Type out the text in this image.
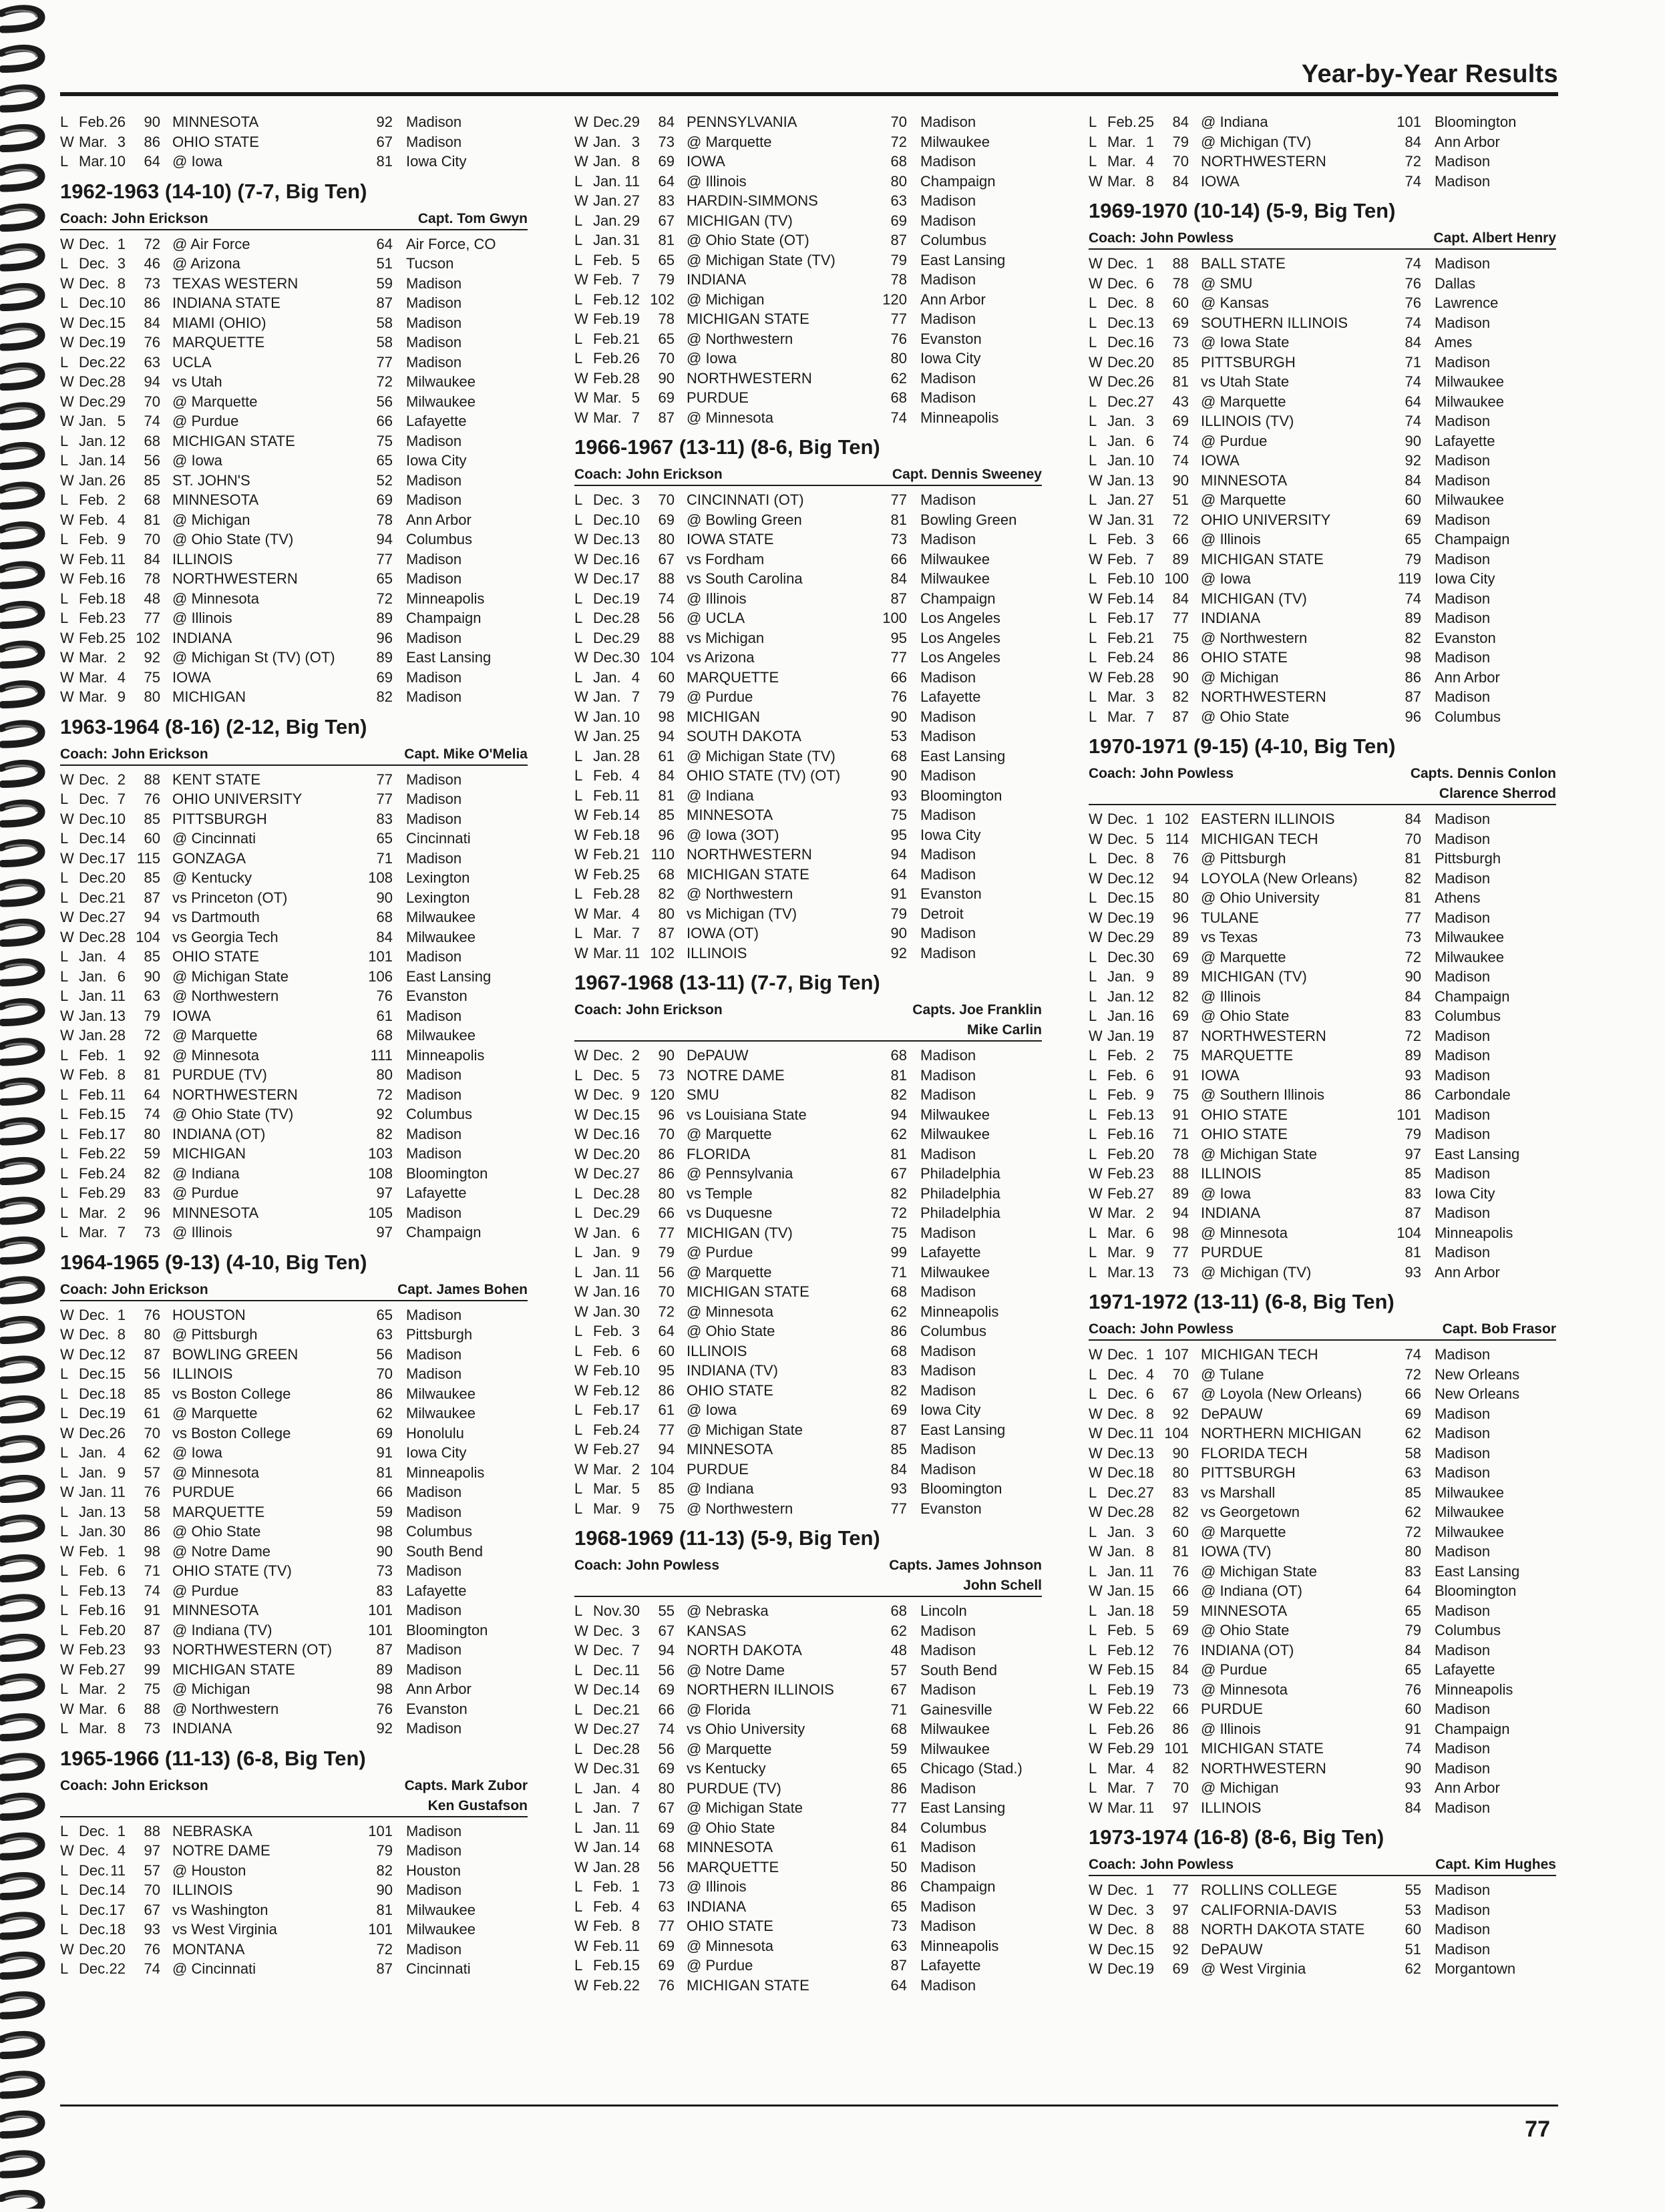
Year-by-Year Results
L Feb. 26	90 MINNESOTA	92 Madison
W Mar. 3	86 OHIO STATE	67 Madison
L Mar. 10	64 @ Iowa	81 Iowa City
1962-1963 (14-10) (7-7, Big Ten)
Coach: John Erickson	Capt. Tom Gwyn
W Dec. 1	72 @ Air Force	64 Air Force, CO
L Dec. 3	46 @ Arizona	51 Tucson
W Dec. 8	73 TEXAS WESTERN	59 Madison
L Dec. 10	86 INDIANA STATE	87 Madison
W Dec. 15	84 MIAMI (OHIO)	58 Madison
W Dec. 19	76 MARQUETTE	58 Madison
L Dec. 22	63 UCLA	77 Madison
W Dec. 28	94 vs Utah	72 Milwaukee
W Dec. 29	70 @ Marquette	56 Milwaukee
W Jan. 5	74 @ Purdue	66 Lafayette
L Jan. 12	68 MICHIGAN STATE	75 Madison
L Jan. 14	56 @ Iowa	65 Iowa City
W Jan. 26	85 ST. JOHN'S	52 Madison
L Feb. 2	68 MINNESOTA	69 Madison
W Feb. 4	81 @ Michigan	78 Ann Arbor
L Feb. 9	70 @ Ohio State (TV)	94 Columbus
W Feb. 11	84 ILLINOIS	77 Madison
W Feb. 16	78 NORTHWESTERN	65 Madison
L Feb. 18	48 @ Minnesota	72 Minneapolis
L Feb. 23	77 @ Illinois	89 Champaign
W Feb. 25 102 INDIANA	96 Madison
W Mar. 2	92 @ Michigan St (TV) (OT)	89 East Lansing
W Mar. 4	75 IOWA	69 Madison
W Mar. 9	80 MICHIGAN	82 Madison
1963-1964 (8-16) (2-12, Big Ten)
Coach: John Erickson	Capt. Mike O'Melia
W Dec. 2	88 KENT STATE	77 Madison
L Dec. 7	76 OHIO UNIVERSITY	77 Madison
W Dec. 10	85 PITTSBURGH	83 Madison
L Dec. 14	60 @ Cincinnati	65 Cincinnati
W Dec. 17 115 GONZAGA	71 Madison
L Dec. 20	85 @ Kentucky	108 Lexington
L Dec. 21	87 vs Princeton (OT)	90 Lexington
W Dec. 27	94 vs Dartmouth	68 Milwaukee
W Dec. 28 104 vs Georgia Tech	84 Milwaukee
L Jan. 4	85 OHIO STATE	101 Madison
L Jan. 6	90 @ Michigan State	106 East Lansing
L Jan. 11	63 @ Northwestern	76 Evanston
W Jan. 13	79 IOWA	61 Madison
W Jan. 28	72 @ Marquette	68 Milwaukee
L Feb. 1	92 @ Minnesota	111 Minneapolis
W Feb. 8	81 PURDUE (TV)	80 Madison
L Feb. 11	64 NORTHWESTERN	72 Madison
L Feb. 15	74 @ Ohio State (TV)	92 Columbus
L Feb. 17	80 INDIANA (OT)	82 Madison
L Feb. 22	59 MICHIGAN	103 Madison
L Feb. 24	82 @ Indiana	108 Bloomington
L Feb. 29	83 @ Purdue	97 Lafayette
L Mar. 2	96 MINNESOTA	105 Madison
L Mar. 7	73 @ Illinois	97 Champaign
1964-1965 (9-13) (4-10, Big Ten)
Coach: John Erickson	Capt. James Bohen
W Dec. 1	76 HOUSTON	65 Madison
W Dec. 8	80 @ Pittsburgh	63 Pittsburgh
W Dec. 12	87 BOWLING GREEN	56 Madison
L Dec. 15	56 ILLINOIS	70 Madison
L Dec. 18	85 vs Boston College	86 Milwaukee
L Dec. 19	61 @ Marquette	62 Milwaukee
W Dec. 26	70 vs Boston College	69 Honolulu
L Jan. 4	62 @ Iowa	91 Iowa City
L Jan. 9	57 @ Minnesota	81 Minneapolis
W Jan. 11	76 PURDUE	66 Madison
L Jan. 13	58 MARQUETTE	59 Madison
L Jan. 30	86 @ Ohio State	98 Columbus
W Feb. 1	98 @ Notre Dame	90 South Bend
L Feb. 6	71 OHIO STATE (TV)	73 Madison
L Feb. 13	74 @ Purdue	83 Lafayette
L Feb. 16	91 MINNESOTA	101 Madison
L Feb. 20	87 @ Indiana (TV)	101 Bloomington
W Feb. 23	93 NORTHWESTERN (OT)	87 Madison
W Feb. 27	99 MICHIGAN STATE	89 Madison
L Mar. 2	75 @ Michigan	98 Ann Arbor
W Mar. 6	88 @ Northwestern	76 Evanston
L Mar. 8	73 INDIANA	92 Madison
1965-1966 (11-13) (6-8, Big Ten)
Coach: John Erickson	Capts. Mark Zubor
Ken Gustafson
L Dec. 1	88 NEBRASKA	101 Madison
W Dec. 4	97 NOTRE DAME	79 Madison
L Dec. 11	57 @ Houston	82 Houston
L Dec. 14	70 ILLINOIS	90 Madison
L Dec. 17	67 vs Washington	81 Milwaukee
L Dec. 18	93 vs West Virginia	101 Milwaukee
W Dec. 20	76 MONTANA	72 Madison
L Dec. 22	74 @ Cincinnati	87 Cincinnati
W Dec. 29	84 PENNSYLVANIA	70 Madison
W Jan. 3	73 @ Marquette	72 Milwaukee
W Jan. 8	69 IOWA	68 Madison
L Jan. 11	64 @ Illinois	80 Champaign
W Jan. 27	83 HARDIN-SIMMONS	63 Madison
L Jan. 29	67 MICHIGAN (TV)	69 Madison
L Jan. 31	81 @ Ohio State (OT)	87 Columbus
L Feb. 5	65 @ Michigan State (TV)	79 East Lansing
W Feb. 7	79 INDIANA	78 Madison
L Feb. 12 102 @ Michigan	120 Ann Arbor
W Feb. 19	78 MICHIGAN STATE	77 Madison
L Feb. 21	65 @ Northwestern	76 Evanston
L Feb. 26	70 @ Iowa	80 Iowa City
W Feb. 28	90 NORTHWESTERN	62 Madison
W Mar. 5	69 PURDUE	68 Madison
W Mar. 7	87 @ Minnesota	74 Minneapolis
1966-1967 (13-11) (8-6, Big Ten)
Coach: John Erickson	Capt. Dennis Sweeney
L Dec. 3	70 CINCINNATI (OT)	77 Madison
L Dec. 10	69 @ Bowling Green	81 Bowling Green
W Dec. 13	80 IOWA STATE	73 Madison
W Dec. 16	67 vs Fordham	66 Milwaukee
W Dec. 17	88 vs South Carolina	84 Milwaukee
L Dec. 19	74 @ Illinois	87 Champaign
L Dec. 28	56 @ UCLA	100 Los Angeles
L Dec. 29	88 vs Michigan	95 Los Angeles
W Dec. 30 104 vs Arizona	77 Los Angeles
L Jan. 4	60 MARQUETTE	66 Madison
W Jan. 7	79 @ Purdue	76 Lafayette
W Jan. 10	98 MICHIGAN	90 Madison
W Jan. 25	94 SOUTH DAKOTA	53 Madison
L Jan. 28	61 @ Michigan State (TV)	68 East Lansing
L Feb. 4	84 OHIO STATE (TV) (OT)	90 Madison
L Feb. 11	81 @ Indiana	93 Bloomington
W Feb. 14	85 MINNESOTA	75 Madison
W Feb. 18	96 @ Iowa (3OT)	95 Iowa City
W Feb. 21 110 NORTHWESTERN	94 Madison
W Feb. 25	68 MICHIGAN STATE	64 Madison
L Feb. 28	82 @ Northwestern	91 Evanston
W Mar. 4	80 vs Michigan (TV)	79 Detroit
L Mar. 7	87 IOWA (OT)	90 Madison
W Mar. 11 102 ILLINOIS	92 Madison
1967-1968 (13-11) (7-7, Big Ten)
Coach: John Erickson	Capts. Joe Franklin
Mike Carlin
W Dec. 2	90 DePAUW	68 Madison
L Dec. 5	73 NOTRE DAME	81 Madison
W Dec. 9 120 SMU	82 Madison
W Dec. 15	96 vs Louisiana State	94 Milwaukee
W Dec. 16	70 @ Marquette	62 Milwaukee
W Dec. 20	86 FLORIDA	81 Madison
W Dec. 27	86 @ Pennsylvania	67 Philadelphia
L Dec. 28	80 vs Temple	82 Philadelphia
L Dec. 29	66 vs Duquesne	72 Philadelphia
W Jan. 6	77 MICHIGAN (TV)	75 Madison
L Jan. 9	79 @ Purdue	99 Lafayette
L Jan. 11	56 @ Marquette	71 Milwaukee
W Jan. 16	70 MICHIGAN STATE	68 Madison
W Jan. 30	72 @ Minnesota	62 Minneapolis
L Feb. 3	64 @ Ohio State	86 Columbus
L Feb. 6	60 ILLINOIS	68 Madison
W Feb. 10	95 INDIANA (TV)	83 Madison
W Feb. 12	86 OHIO STATE	82 Madison
L Feb. 17	61 @ Iowa	69 Iowa City
L Feb. 24	77 @ Michigan State	87 East Lansing
W Feb. 27	94 MINNESOTA	85 Madison
W Mar. 2 104 PURDUE	84 Madison
L Mar. 5	85 @ Indiana	93 Bloomington
L Mar. 9	75 @ Northwestern	77 Evanston
1968-1969 (11-13) (5-9, Big Ten)
Coach: John Powless	Capts. James Johnson
John Schell
L Nov. 30	55 @ Nebraska	68 Lincoln
W Dec. 3	67 KANSAS	62 Madison
W Dec. 7	94 NORTH DAKOTA	48 Madison
L Dec. 11	56 @ Notre Dame	57 South Bend
W Dec. 14	69 NORTHERN ILLINOIS	67 Madison
L Dec. 21	66 @ Florida	71 Gainesville
W Dec. 27	74 vs Ohio University	68 Milwaukee
L Dec. 28	56 @ Marquette	59 Milwaukee
W Dec. 31	69 vs Kentucky	65 Chicago (Stad.)
L Jan. 4	80 PURDUE (TV)	86 Madison
L Jan. 7	67 @ Michigan State	77 East Lansing
L Jan. 11	69 @ Ohio State	84 Columbus
W Jan. 14	68 MINNESOTA	61 Madison
W Jan. 28	56 MARQUETTE	50 Madison
L Feb. 1	73 @ Illinois	86 Champaign
L Feb. 4	63 INDIANA	65 Madison
W Feb. 8	77 OHIO STATE	73 Madison
W Feb. 11	69 @ Minnesota	63 Minneapolis
L Feb. 15	69 @ Purdue	87 Lafayette
W Feb. 22	76 MICHIGAN STATE	64 Madison
L Feb. 25	84 @ Indiana	101 Bloomington
L Mar. 1	79 @ Michigan (TV)	84 Ann Arbor
L Mar. 4	70 NORTHWESTERN	72 Madison
W Mar. 8	84 IOWA	74 Madison
1969-1970 (10-14) (5-9, Big Ten)
Coach: John Powless	Capt. Albert Henry
W Dec. 1	88 BALL STATE	74 Madison
W Dec. 6	78 @ SMU	76 Dallas
L Dec. 8	60 @ Kansas	76 Lawrence
L Dec. 13	69 SOUTHERN ILLINOIS	74 Madison
L Dec. 16	73 @ Iowa State	84 Ames
W Dec. 20	85 PITTSBURGH	71 Madison
W Dec. 26	81 vs Utah State	74 Milwaukee
L Dec. 27	43 @ Marquette	64 Milwaukee
L Jan. 3	69 ILLINOIS (TV)	74 Madison
L Jan. 6	74 @ Purdue	90 Lafayette
L Jan. 10	74 IOWA	92 Madison
W Jan. 13	90 MINNESOTA	84 Madison
L Jan. 27	51 @ Marquette	60 Milwaukee
W Jan. 31	72 OHIO UNIVERSITY	69 Madison
L Feb. 3	66 @ Illinois	65 Champaign
W Feb. 7	89 MICHIGAN STATE	79 Madison
L Feb. 10 100 @ Iowa	119 Iowa City
W Feb. 14	84 MICHIGAN (TV)	74 Madison
L Feb. 17	77 INDIANA	89 Madison
L Feb. 21	75 @ Northwestern	82 Evanston
L Feb. 24	86 OHIO STATE	98 Madison
W Feb. 28	90 @ Michigan	86 Ann Arbor
L Mar. 3	82 NORTHWESTERN	87 Madison
L Mar. 7	87 @ Ohio State	96 Columbus
1970-1971 (9-15) (4-10, Big Ten)
Coach: John Powless	Capts. Dennis Conlon
Clarence Sherrod
W Dec. 1 102 EASTERN ILLINOIS	84 Madison
W Dec. 5 114 MICHIGAN TECH	70 Madison
L Dec. 8	76 @ Pittsburgh	81 Pittsburgh
W Dec. 12	94 LOYOLA (New Orleans)	82 Madison
L Dec. 15	80 @ Ohio University	81 Athens
W Dec. 19	96 TULANE	77 Madison
W Dec. 29	89 vs Texas	73 Milwaukee
L Dec. 30	69 @ Marquette	72 Milwaukee
L Jan. 9	89 MICHIGAN (TV)	90 Madison
L Jan. 12	82 @ Illinois	84 Champaign
L Jan. 16	69 @ Ohio State	83 Columbus
W Jan. 19	87 NORTHWESTERN	72 Madison
L Feb. 2	75 MARQUETTE	89 Madison
L Feb. 6	91 IOWA	93 Madison
L Feb. 9	75 @ Southern Illinois	86 Carbondale
L Feb. 13	91 OHIO STATE	101 Madison
L Feb. 16	71 OHIO STATE	79 Madison
L Feb. 20	78 @ Michigan State	97 East Lansing
W Feb. 23	88 ILLINOIS	85 Madison
W Feb. 27	89 @ Iowa	83 Iowa City
W Mar. 2	94 INDIANA	87 Madison
L Mar. 6	98 @ Minnesota	104 Minneapolis
L Mar. 9	77 PURDUE	81 Madison
L Mar. 13	73 @ Michigan (TV)	93 Ann Arbor
1971-1972 (13-11) (6-8, Big Ten)
Coach: John Powless	Capt. Bob Frasor
W Dec. 1 107 MICHIGAN TECH	74 Madison
L Dec. 4	70 @ Tulane	72 New Orleans
L Dec. 6	67 @ Loyola (New Orleans)	66 New Orleans
W Dec. 8	92 DePAUW	69 Madison
W Dec. 11 104 NORTHERN MICHIGAN	62 Madison
W Dec. 13	90 FLORIDA TECH	58 Madison
W Dec. 18	80 PITTSBURGH	63 Madison
L Dec. 27	83 vs Marshall	85 Milwaukee
W Dec. 28	82 vs Georgetown	62 Milwaukee
L Jan. 3	60 @ Marquette	72 Milwaukee
W Jan. 8	81 IOWA (TV)	80 Madison
L Jan. 11	76 @ Michigan State	83 East Lansing
W Jan. 15	66 @ Indiana (OT)	64 Bloomington
L Jan. 18	59 MINNESOTA	65 Madison
L Feb. 5	69 @ Ohio State	79 Columbus
L Feb. 12	76 INDIANA (OT)	84 Madison
W Feb. 15	84 @ Purdue	65 Lafayette
L Feb. 19	73 @ Minnesota	76 Minneapolis
W Feb. 22	66 PURDUE	60 Madison
L Feb. 26	86 @ Illinois	91 Champaign
W Feb. 29 101 MICHIGAN STATE	74 Madison
L Mar. 4	82 NORTHWESTERN	90 Madison
L Mar. 7	70 @ Michigan	93 Ann Arbor
W Mar. 11	97 ILLINOIS	84 Madison
1973-1974 (16-8) (8-6, Big Ten)
Coach: John Powless	Capt. Kim Hughes
W Dec. 1	77 ROLLINS COLLEGE	55 Madison
W Dec. 3	97 CALIFORNIA-DAVIS	53 Madison
W Dec. 8	88 NORTH DAKOTA STATE	60 Madison
W Dec. 15	92 DePAUW	51 Madison
W Dec. 19	69 @ West Virginia	62 Morgantown
77
